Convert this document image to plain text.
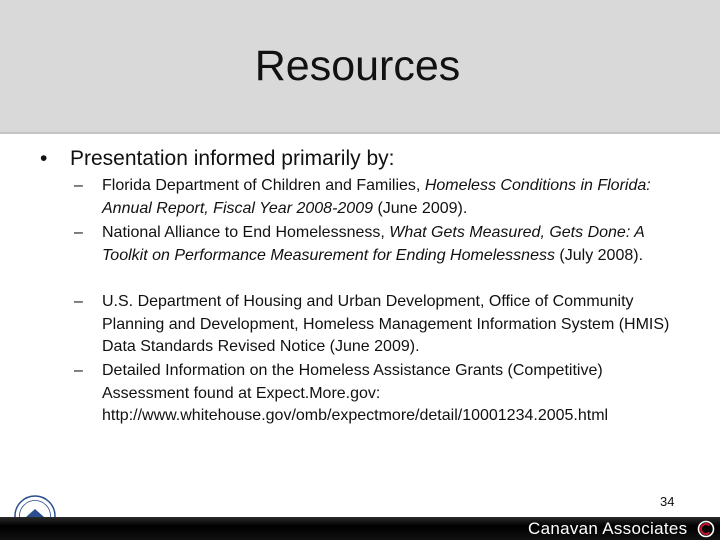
Resources
• Presentation informed primarily by:
– Florida Department of Children and Families, Homeless Conditions in Florida: Annual Report, Fiscal Year 2008-2009 (June 2009).
– National Alliance to End Homelessness, What Gets Measured, Gets Done: A Toolkit on Performance Measurement for Ending Homelessness (July 2008).
– U.S. Department of Housing and Urban Development, Office of Community Planning and Development, Homeless Management Information System (HMIS) Data Standards Revised Notice (June 2009).
– Detailed Information on the Homeless Assistance Grants (Competitive) Assessment found at Expect.More.gov: http://www.whitehouse.gov/omb/expectmore/detail/10001234.2005.html
34
Canavan Associates
